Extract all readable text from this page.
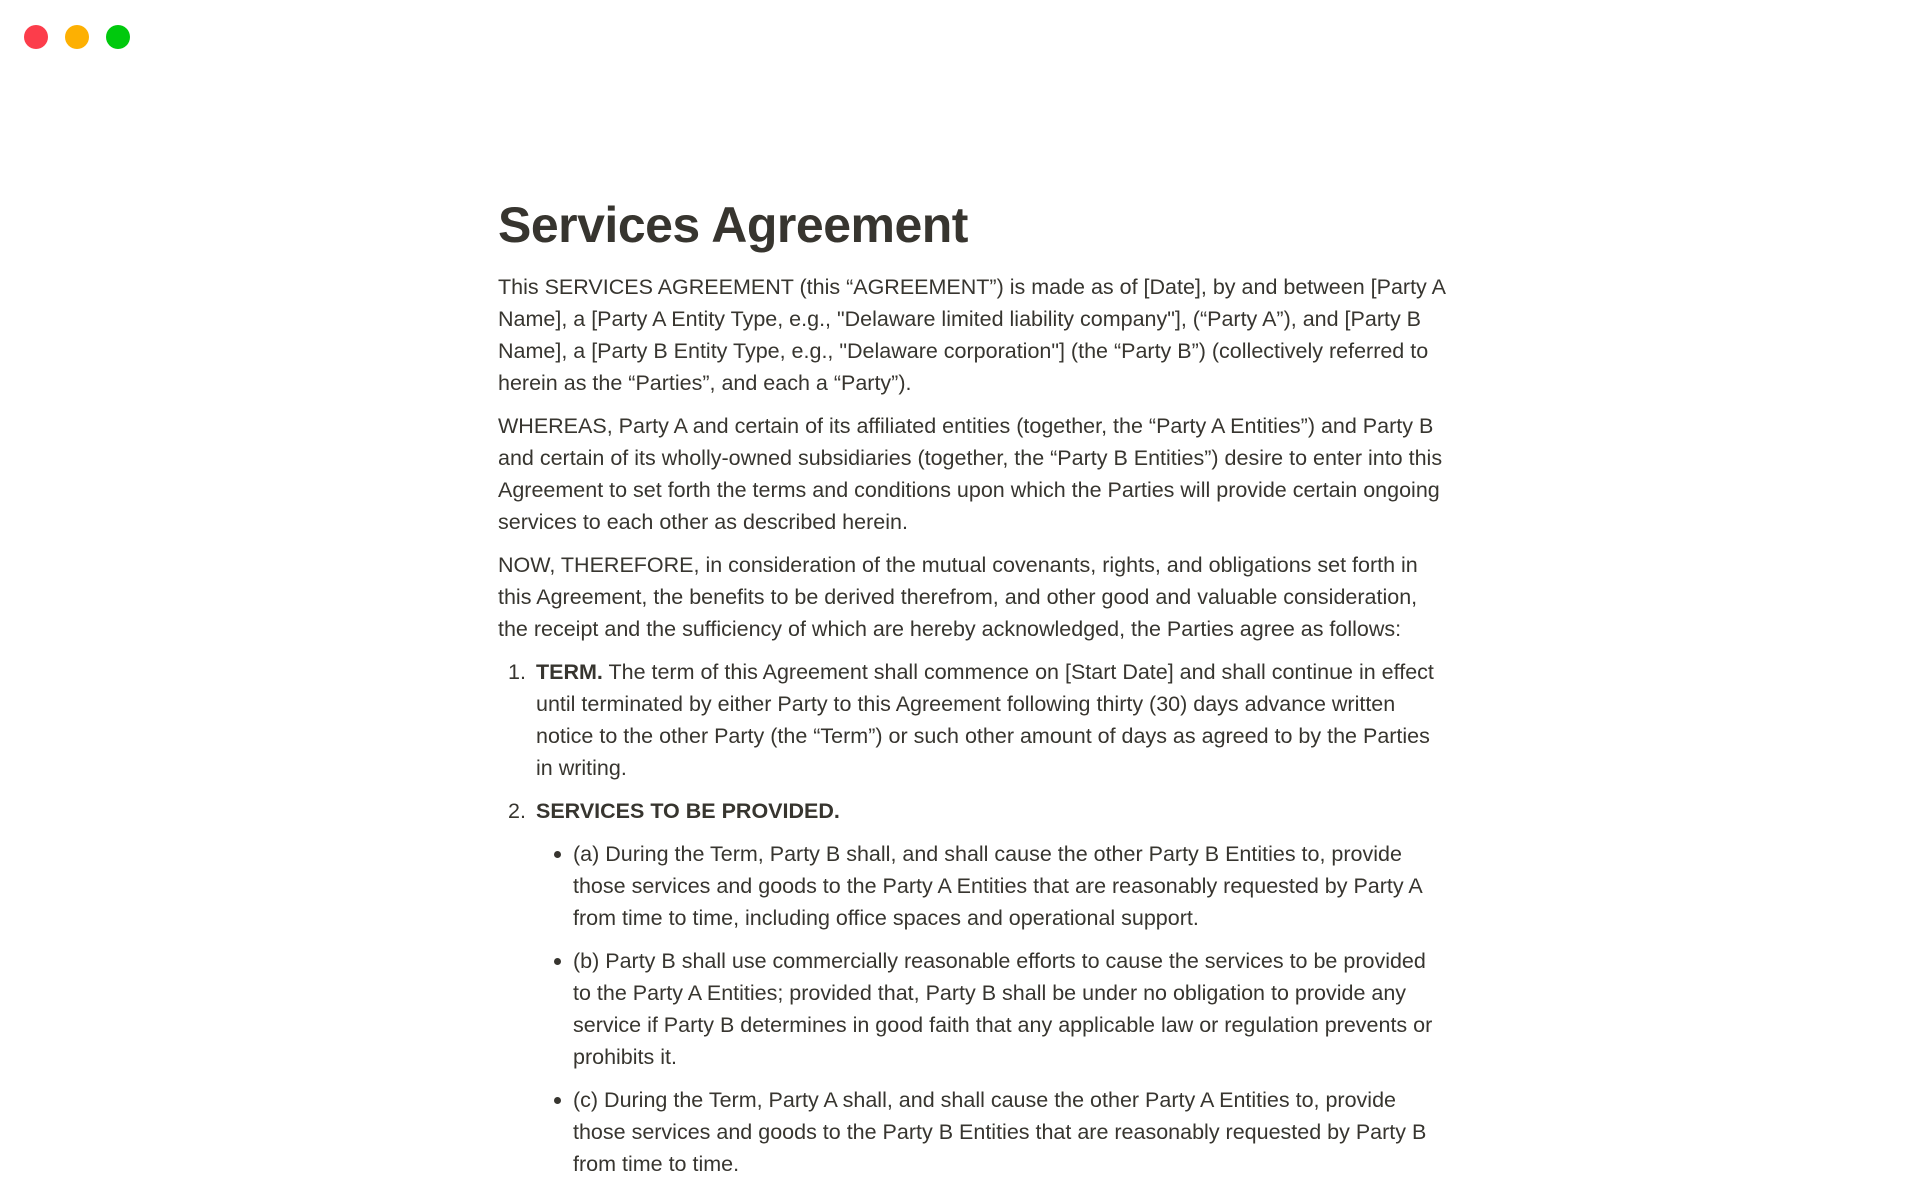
Services Agreement

This SERVICES AGREEMENT (this “AGREEMENT”) is made as of [Date], by and between [Party A Name], a [Party A Entity Type, e.g., "Delaware limited liability company"], (“Party A”), and [Party B Name], a [Party B Entity Type, e.g., "Delaware corporation"] (the “Party B”) (collectively referred to herein as the “Parties”, and each a “Party”).

WHEREAS, Party A and certain of its affiliated entities (together, the “Party A Entities”) and Party B and certain of its wholly-owned subsidiaries (together, the “Party B Entities”) desire to enter into this Agreement to set forth the terms and conditions upon which the Parties will provide certain ongoing services to each other as described herein.

NOW, THEREFORE, in consideration of the mutual covenants, rights, and obligations set forth in this Agreement, the benefits to be derived therefrom, and other good and valuable consideration, the receipt and the sufficiency of which are hereby acknowledged, the Parties agree as follows:

1. TERM. The term of this Agreement shall commence on [Start Date] and shall continue in effect until terminated by either Party to this Agreement following thirty (30) days advance written notice to the other Party (the “Term”) or such other amount of days as agreed to by the Parties in writing.
2. SERVICES TO BE PROVIDED.
(a) During the Term, Party B shall, and shall cause the other Party B Entities to, provide those services and goods to the Party A Entities that are reasonably requested by Party A from time to time, including office spaces and operational support.
(b) Party B shall use commercially reasonable efforts to cause the services to be provided to the Party A Entities; provided that, Party B shall be under no obligation to provide any service if Party B determines in good faith that any applicable law or regulation prevents or prohibits it.
(c) During the Term, Party A shall, and shall cause the other Party A Entities to, provide those services and goods to the Party B Entities that are reasonably requested by Party B from time to time.
